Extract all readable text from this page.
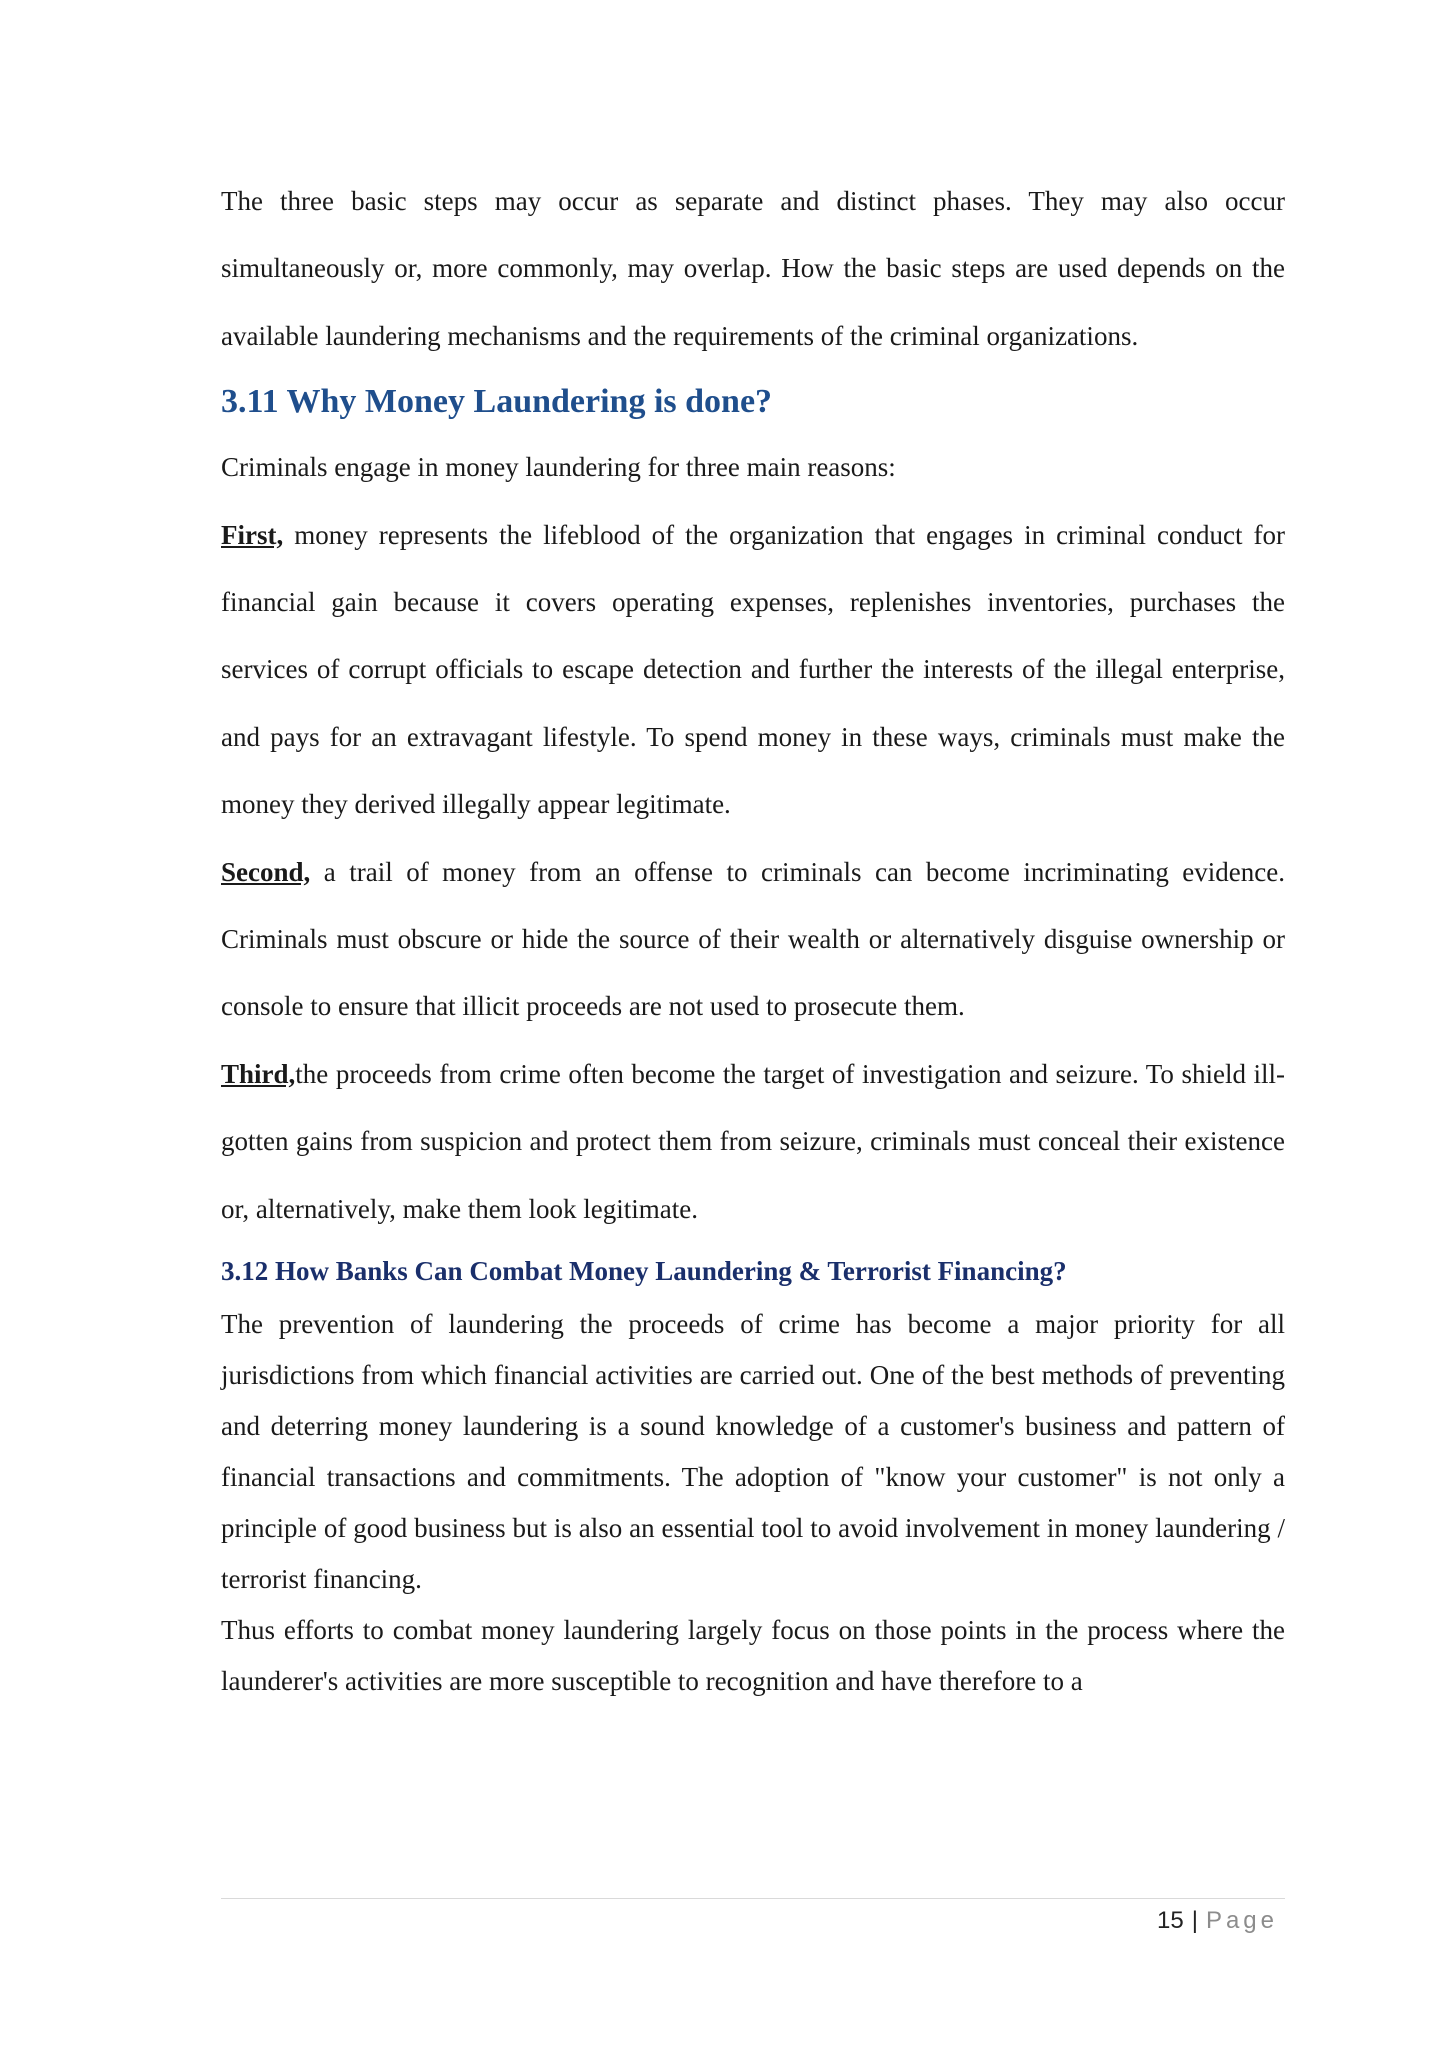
The three basic steps may occur as separate and distinct phases. They may also occur simultaneously or, more commonly, may overlap. How the basic steps are used depends on the available laundering mechanisms and the requirements of the criminal organizations.

3.11 Why Money Laundering is done?

Criminals engage in money laundering for three main reasons:

First, money represents the lifeblood of the organization that engages in criminal conduct for financial gain because it covers operating expenses, replenishes inventories, purchases the services of corrupt officials to escape detection and further the interests of the illegal enterprise, and pays for an extravagant lifestyle. To spend money in these ways, criminals must make the money they derived illegally appear legitimate.

Second, a trail of money from an offense to criminals can become incriminating evidence. Criminals must obscure or hide the source of their wealth or alternatively disguise ownership or console to ensure that illicit proceeds are not used to prosecute them.

Third,the proceeds from crime often become the target of investigation and seizure. To shield ill-gotten gains from suspicion and protect them from seizure, criminals must conceal their existence or, alternatively, make them look legitimate.

3.12 How Banks Can Combat Money Laundering & Terrorist Financing?

The prevention of laundering the proceeds of crime has become a major priority for all jurisdictions from which financial activities are carried out. One of the best methods of preventing and deterring money laundering is a sound knowledge of a customer's business and pattern of financial transactions and commitments. The adoption of "know your customer" is not only a principle of good business but is also an essential tool to avoid involvement in money laundering / terrorist financing.

Thus efforts to combat money laundering largely focus on those points in the process where the launderer's activities are more susceptible to recognition and have therefore to a

15 | Page
